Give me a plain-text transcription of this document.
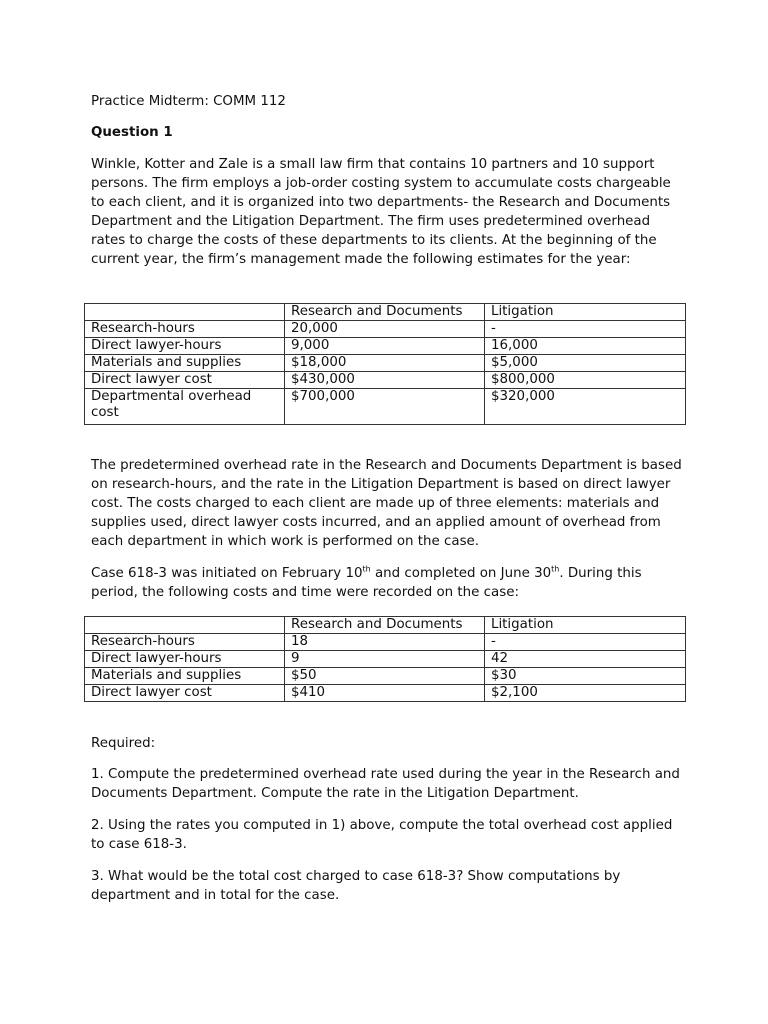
Practice Midterm: COMM 112

Question 1

Winkle, Kotter and Zale is a small law firm that contains 10 partners and 10 support persons. The firm employs a job-order costing system to accumulate costs chargeable to each client, and it is organized into two departments- the Research and Documents Department and the Litigation Department. The firm uses predetermined overhead rates to charge the costs of these departments to its clients. At the beginning of the current year, the firm’s management made the following estimates for the year:

	Research and Documents	Litigation
Research-hours	20,000	-
Direct lawyer-hours	9,000	16,000
Materials and supplies	$18,000	$5,000
Direct lawyer cost	$430,000	$800,000
Departmental overhead cost	$700,000	$320,000

The predetermined overhead rate in the Research and Documents Department is based on research-hours, and the rate in the Litigation Department is based on direct lawyer cost. The costs charged to each client are made up of three elements: materials and supplies used, direct lawyer costs incurred, and an applied amount of overhead from each department in which work is performed on the case.

Case 618-3 was initiated on February 10th and completed on June 30th. During this period, the following costs and time were recorded on the case:

	Research and Documents	Litigation
Research-hours	18	-
Direct lawyer-hours	9	42
Materials and supplies	$50	$30
Direct lawyer cost	$410	$2,100

Required:

1. Compute the predetermined overhead rate used during the year in the Research and Documents Department. Compute the rate in the Litigation Department.

2. Using the rates you computed in 1) above, compute the total overhead cost applied to case 618-3.

3. What would be the total cost charged to case 618-3? Show computations by department and in total for the case.
